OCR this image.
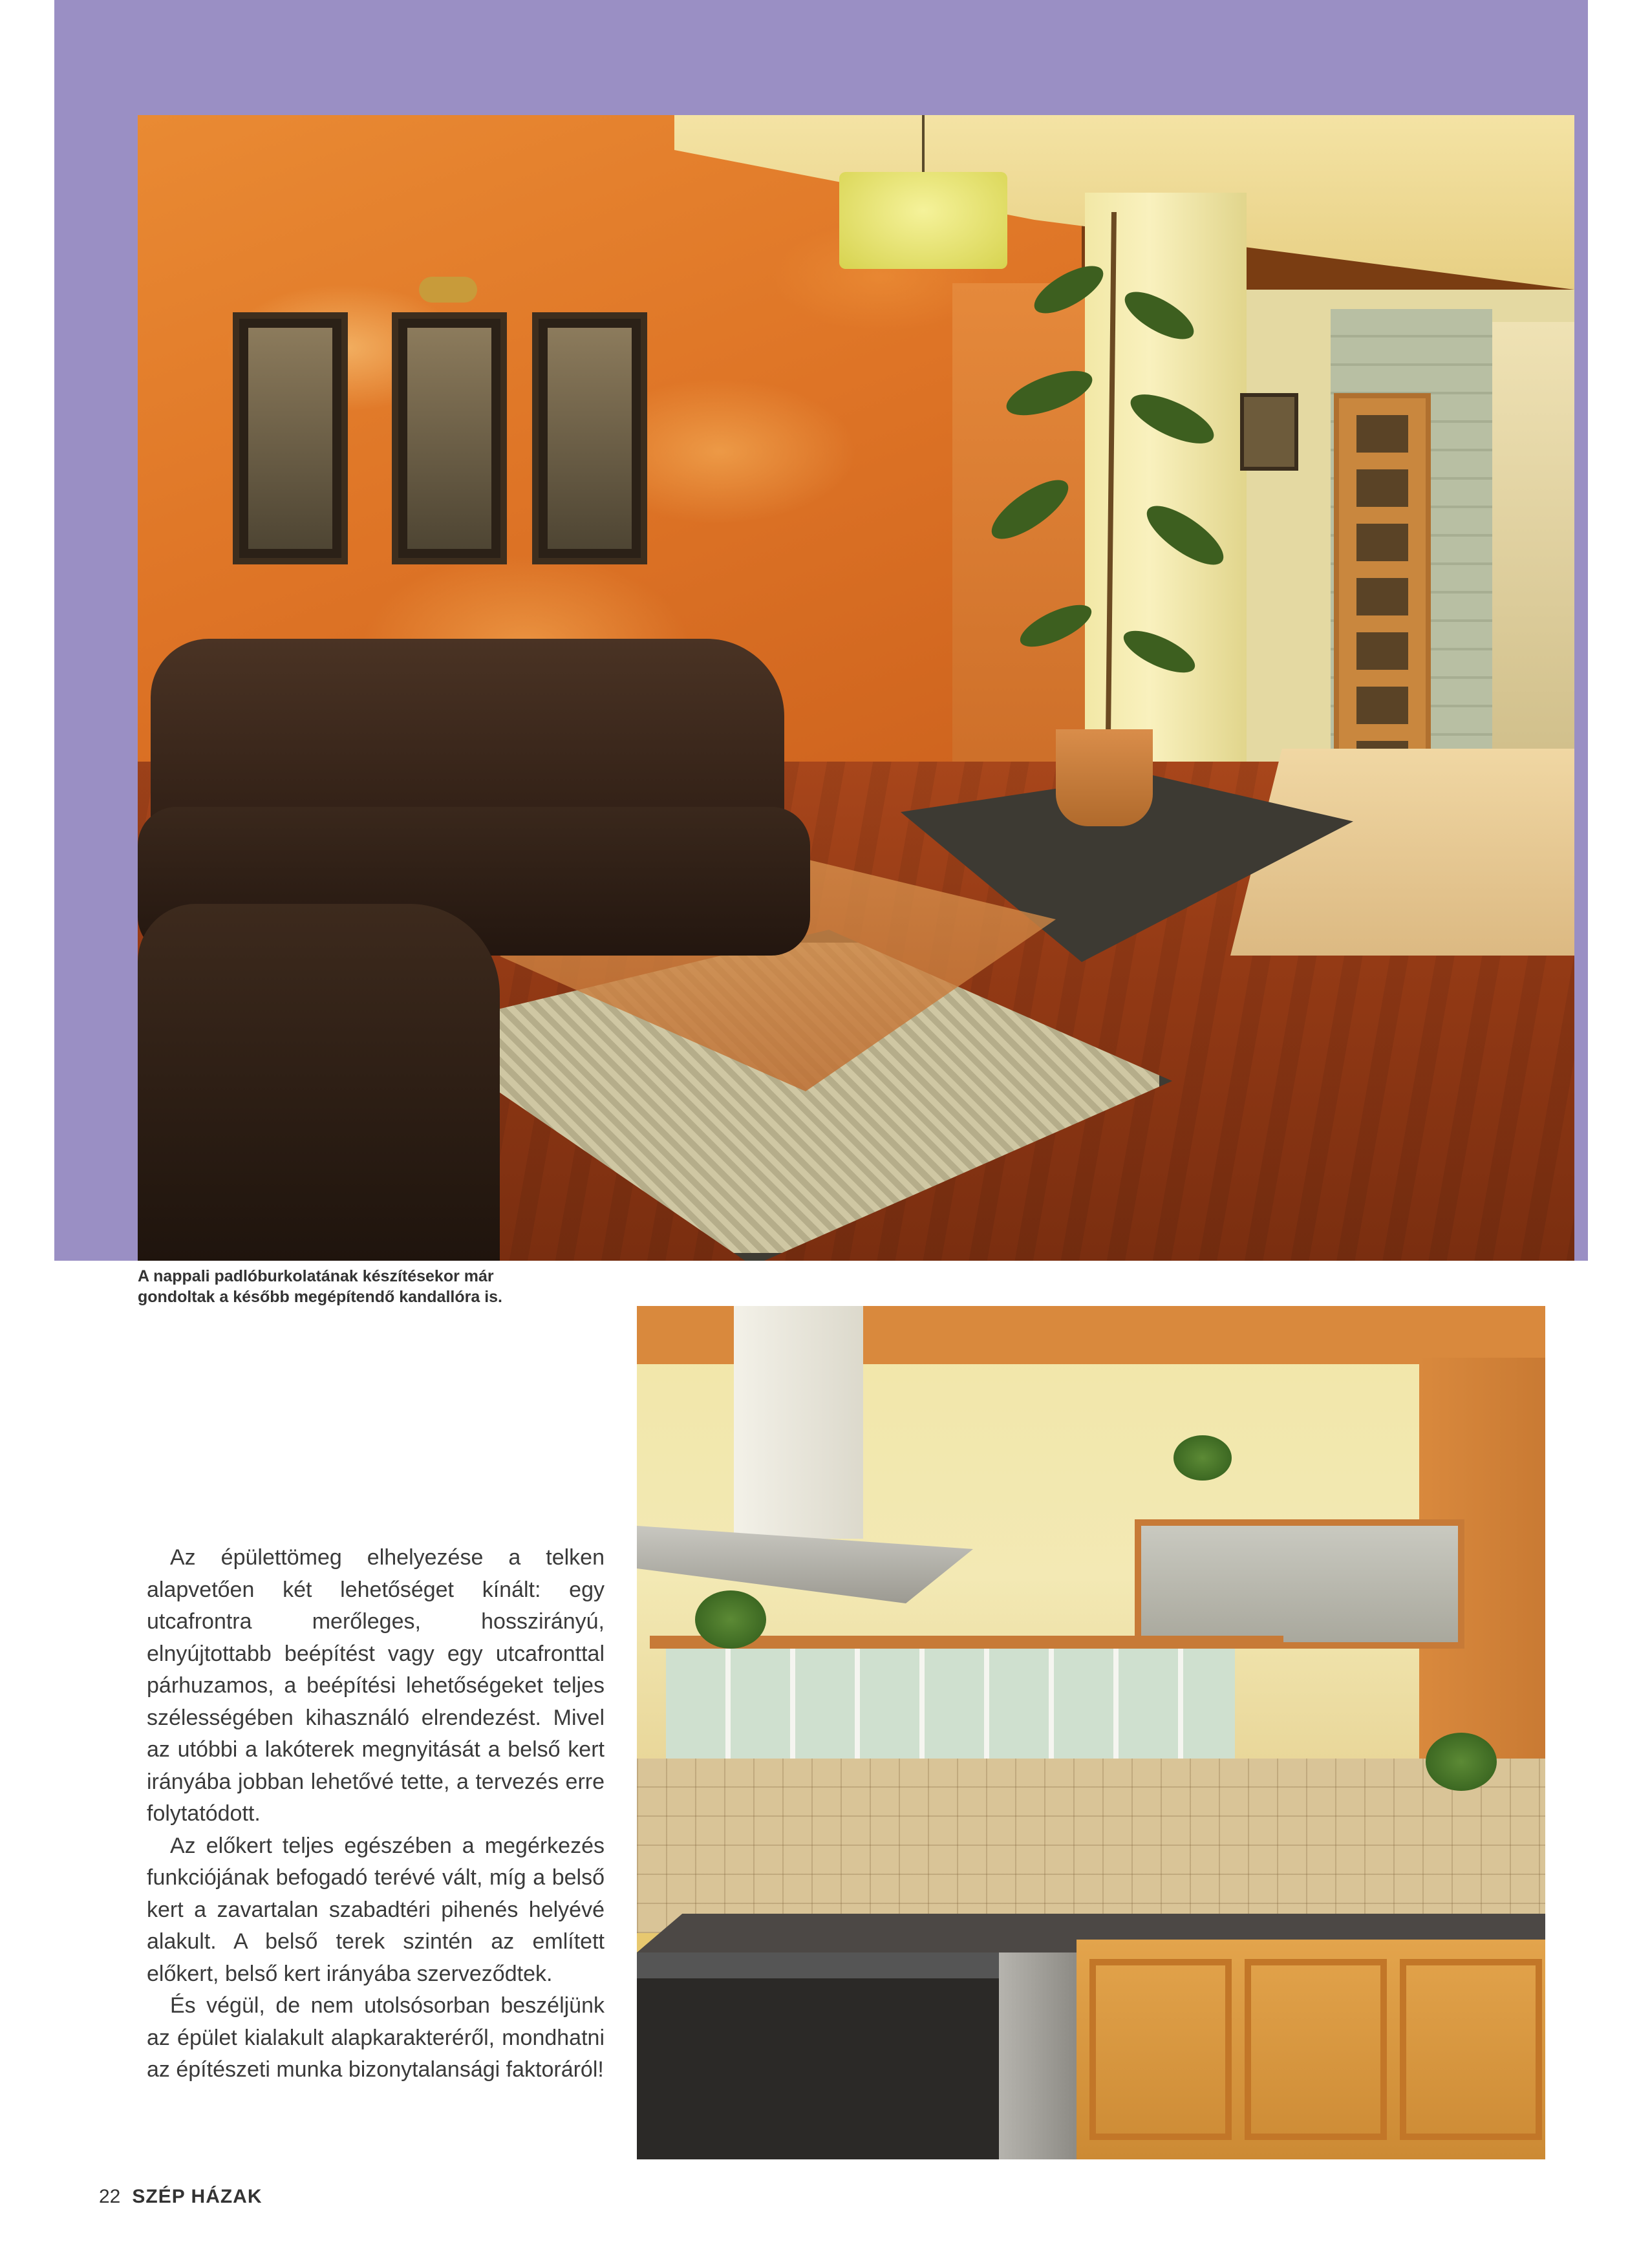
A nappali padlóburkolatának készítésekor már
gondoltak a később megépítendő kandallóra is.

Az épülettömeg elhelyezése a telken alapvetően két lehetőséget kínált: egy utcafrontra merőleges, hosszirányú, elnyújtottabb beépítést vagy egy utcafronttal párhuzamos, a beépítési lehetőségeket teljes szélességében kihasználó elrendezést. Mivel az utóbbi a lakóterek megnyitását a belső kert irányába jobban lehetővé tette, a tervezés erre folytatódott.

Az előkert teljes egészében a megérkezés funkciójának befogadó terévé vált, míg a belső kert a zavartalan szabadtéri pihenés helyévé alakult. A belső terek szintén az említett előkert, belső kert irányába szerveződtek.

És végül, de nem utolsósorban beszéljünk az épület kialakult alapkarakteréről, mondhatni az építészeti munka bizonytalansági faktoráról!

22 SZÉP HÁZAK
